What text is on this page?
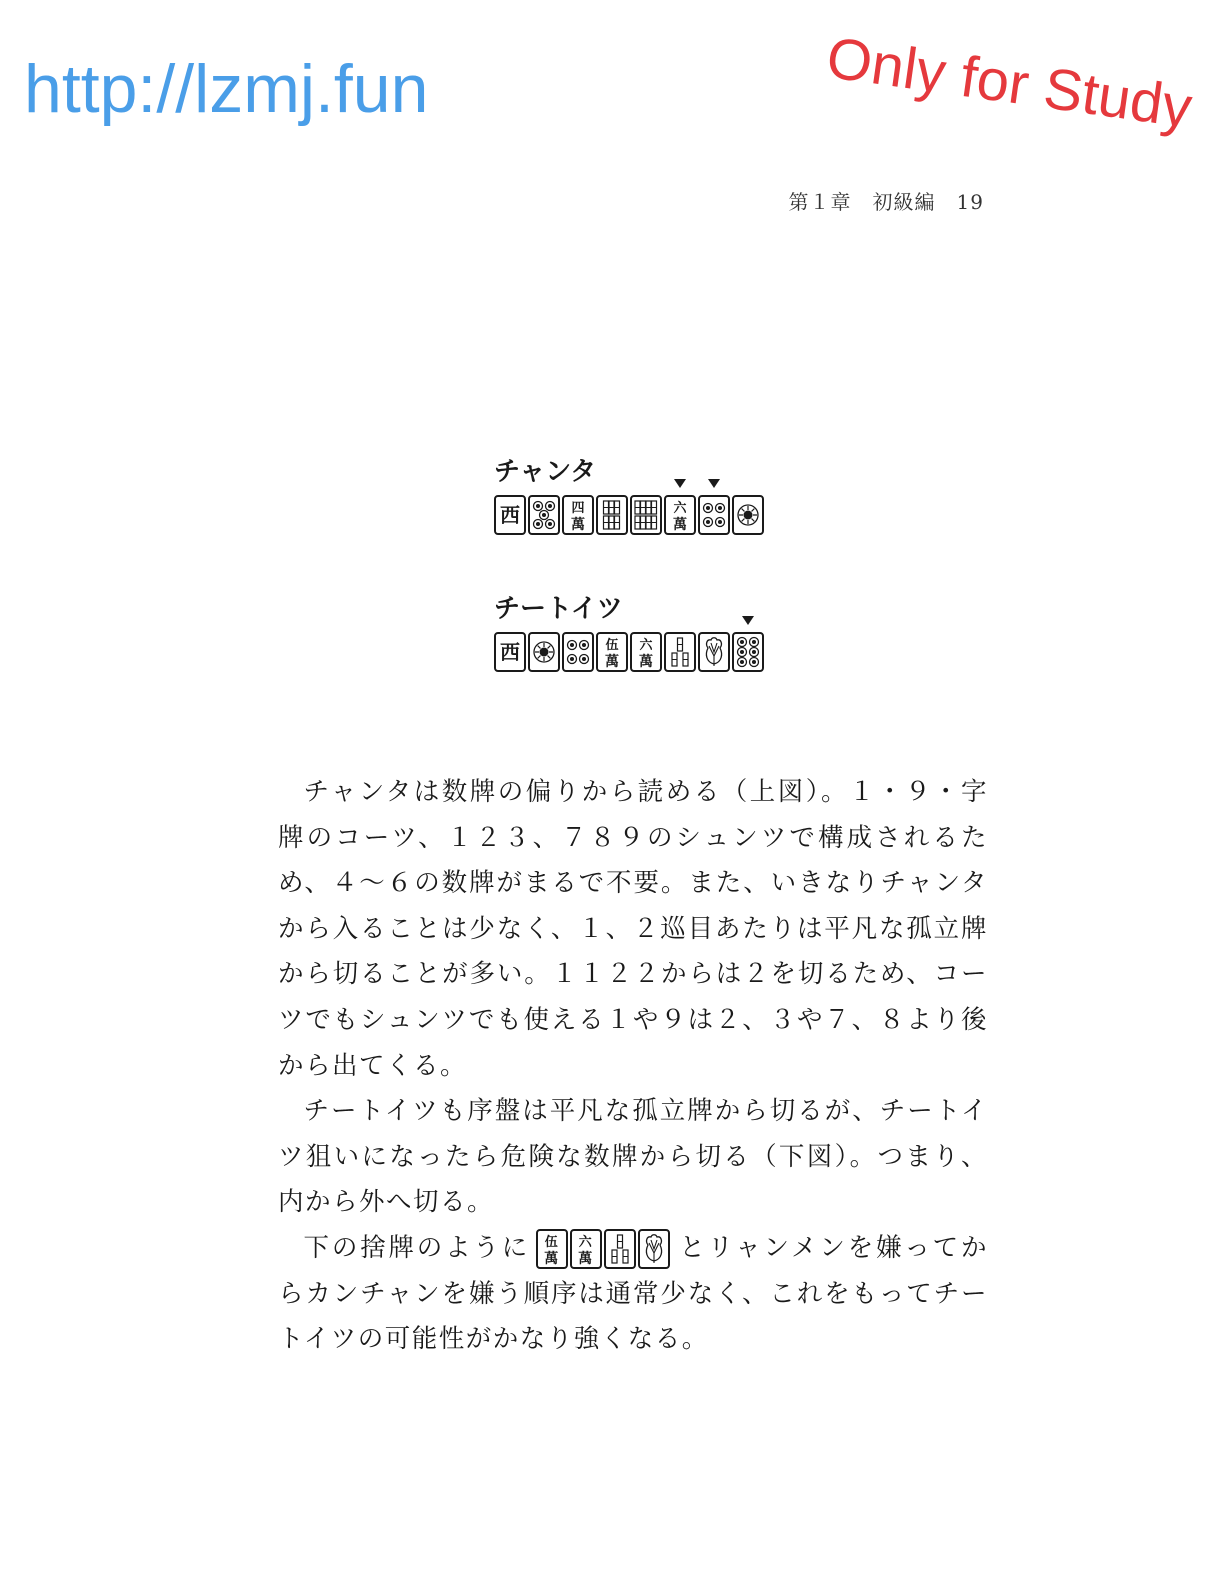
http://lzmj.fun	Only for Study
第１章　初級編　19
チャンタ
西	四
萬
六
萬
チートイツ
西	伍
萬
六
萬

チャンタは数牌の偏りから読める（上図）。１・９・字牌のコーツ、１２３、７８９のシュンツで構成されるため、４～６の数牌がまるで不要。また、いきなりチャンタから入ることは少なく、１、２巡目あたりは平凡な孤立牌から切ることが多い。１１２２からは２を切るため、コーツでもシュンツでも使える１や９は２、３や７、８より後から出てくる。

チートイツも序盤は平凡な孤立牌から切るが、チートイツ狙いになったら危険な数牌から切る（下図）。つまり、内から外へ切る。

下の捨牌のように 伍
萬
六
萬	とリャンメンを嫌ってからカンチャンを嫌う順序は通常少なく、これをもってチートイツの可能性がかなり強くなる。
